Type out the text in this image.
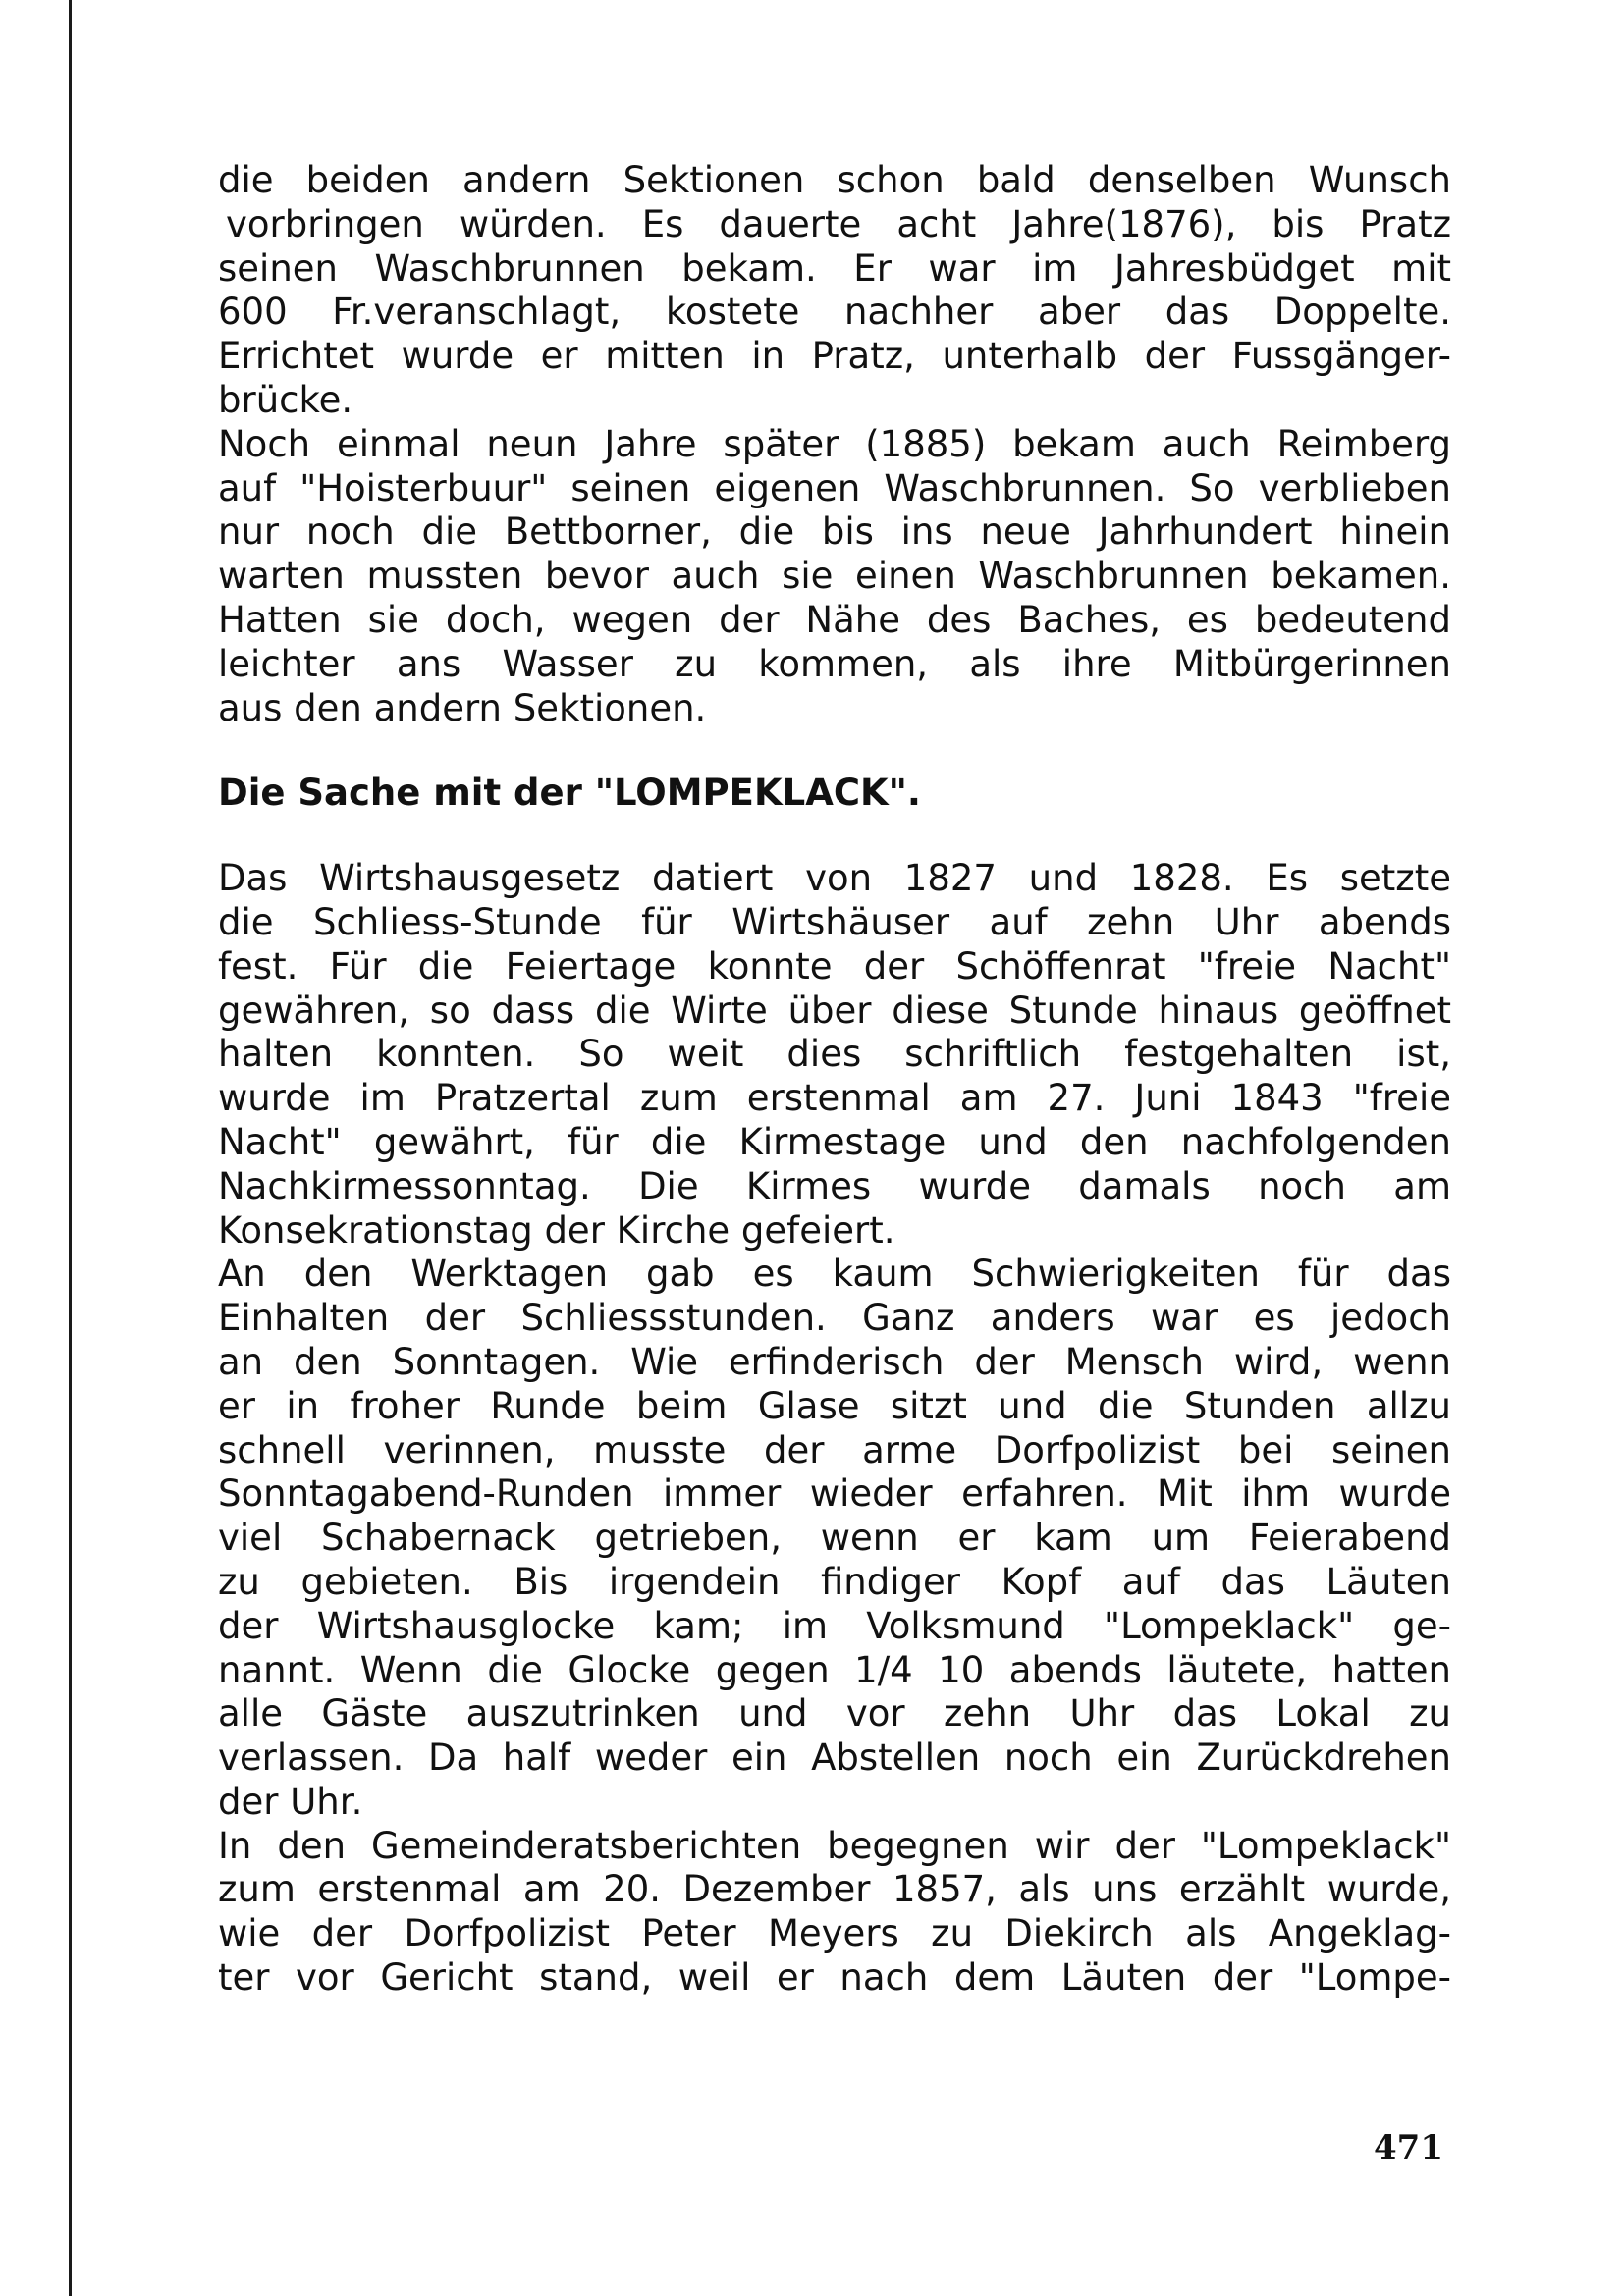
die beiden andern Sektionen schon bald denselben Wunsch
vorbringen würden. Es dauerte acht Jahre(1876), bis Pratz
seinen Waschbrunnen bekam. Er war im Jahresbüdget mit
600 Fr.veranschlagt, kostete nachher aber das Doppelte.
Errichtet wurde er mitten in Pratz, unterhalb der Fussgänger-
brücke.
Noch einmal neun Jahre später (1885) bekam auch Reimberg
auf "Hoisterbuur" seinen eigenen Waschbrunnen. So verblieben
nur noch die Bettborner, die bis ins neue Jahrhundert hinein
warten mussten bevor auch sie einen Waschbrunnen bekamen.
Hatten sie doch, wegen der Nähe des Baches, es bedeutend
leichter ans Wasser zu kommen, als ihre Mitbürgerinnen
aus den andern Sektionen.
Die Sache mit der "LOMPEKLACK".
Das Wirtshausgesetz datiert von 1827 und 1828. Es setzte
die Schliess-Stunde für Wirtshäuser auf zehn Uhr abends
fest. Für die Feiertage konnte der Schöffenrat "freie Nacht"
gewähren, so dass die Wirte über diese Stunde hinaus geöffnet
halten konnten. So weit dies schriftlich festgehalten ist,
wurde im Pratzertal zum erstenmal am 27. Juni 1843 "freie
Nacht" gewährt, für die Kirmestage und den nachfolgenden
Nachkirmessonntag. Die Kirmes wurde damals noch am
Konsekrationstag der Kirche gefeiert.
An den Werktagen gab es kaum Schwierigkeiten für das
Einhalten der Schliessstunden. Ganz anders war es jedoch
an den Sonntagen. Wie erfinderisch der Mensch wird, wenn
er in froher Runde beim Glase sitzt und die Stunden allzu
schnell verinnen, musste der arme Dorfpolizist bei seinen
Sonntagabend-Runden immer wieder erfahren. Mit ihm wurde
viel Schabernack getrieben, wenn er kam um Feierabend
zu gebieten. Bis irgendein findiger Kopf auf das Läuten
der Wirtshausglocke kam; im Volksmund "Lompeklack" ge-
nannt. Wenn die Glocke gegen 1/4 10 abends läutete, hatten
alle Gäste auszutrinken und vor zehn Uhr das Lokal zu
verlassen. Da half weder ein Abstellen noch ein Zurückdrehen
der Uhr.
In den Gemeinderatsberichten begegnen wir der "Lompeklack"
zum erstenmal am 20. Dezember 1857, als uns erzählt wurde,
wie der Dorfpolizist Peter Meyers zu Diekirch als Angeklag-
ter vor Gericht stand, weil er nach dem Läuten der "Lompe-
471
